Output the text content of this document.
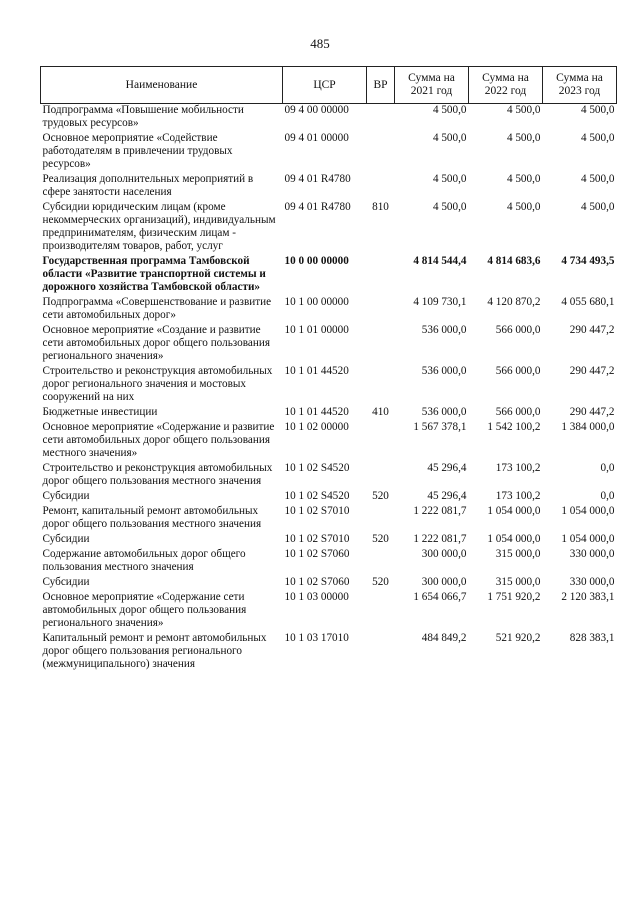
485
Наименование	ЦСР	ВР	Сумма на 2021 год	Сумма на 2022 год	Сумма на 2023 год
Подпрограмма «Повышение мобильности трудовых ресурсов»	09 4 00 00000		4 500,0	4 500,0	4 500,0
Основное мероприятие «Содействие работодателям в привлечении трудовых ресурсов»	09 4 01 00000		4 500,0	4 500,0	4 500,0
Реализация дополнительных мероприятий в сфере занятости населения	09 4 01 R4780		4 500,0	4 500,0	4 500,0
Субсидии юридическим лицам (кроме некоммерческих организаций), индивидуальным предпринимателям, физическим лицам - производителям товаров, работ, услуг	09 4 01 R4780	810	4 500,0	4 500,0	4 500,0
Государственная программа Тамбовской области «Развитие транспортной системы и дорожного хозяйства Тамбовской области»	10 0 00 00000		4 814 544,4	4 814 683,6	4 734 493,5
Подпрограмма «Совершенствование и развитие сети автомобильных дорог»	10 1 00 00000		4 109 730,1	4 120 870,2	4 055 680,1
Основное мероприятие «Создание и развитие сети автомобильных дорог общего пользования регионального значения»	10 1 01 00000		536 000,0	566 000,0	290 447,2
Строительство и реконструкция автомобильных дорог регионального значения и мостовых сооружений на них	10 1 01 44520		536 000,0	566 000,0	290 447,2
Бюджетные инвестиции	10 1 01 44520	410	536 000,0	566 000,0	290 447,2
Основное мероприятие «Содержание и развитие сети автомобильных дорог общего пользования местного значения»	10 1 02 00000		1 567 378,1	1 542 100,2	1 384 000,0
Строительство и реконструкция автомобильных дорог общего пользования местного значения	10 1 02 S4520		45 296,4	173 100,2	0,0
Субсидии	10 1 02 S4520	520	45 296,4	173 100,2	0,0
Ремонт, капитальный ремонт автомобильных дорог общего пользования местного значения	10 1 02 S7010		1 222 081,7	1 054 000,0	1 054 000,0
Субсидии	10 1 02 S7010	520	1 222 081,7	1 054 000,0	1 054 000,0
Содержание автомобильных дорог общего пользования местного значения	10 1 02 S7060		300 000,0	315 000,0	330 000,0
Субсидии	10 1 02 S7060	520	300 000,0	315 000,0	330 000,0
Основное мероприятие «Содержание сети автомобильных дорог общего пользования регионального значения»	10 1 03 00000		1 654 066,7	1 751 920,2	2 120 383,1
Капитальный ремонт и ремонт автомобильных дорог общего пользования регионального (межмуниципального) значения	10 1 03 17010		484 849,2	521 920,2	828 383,1
